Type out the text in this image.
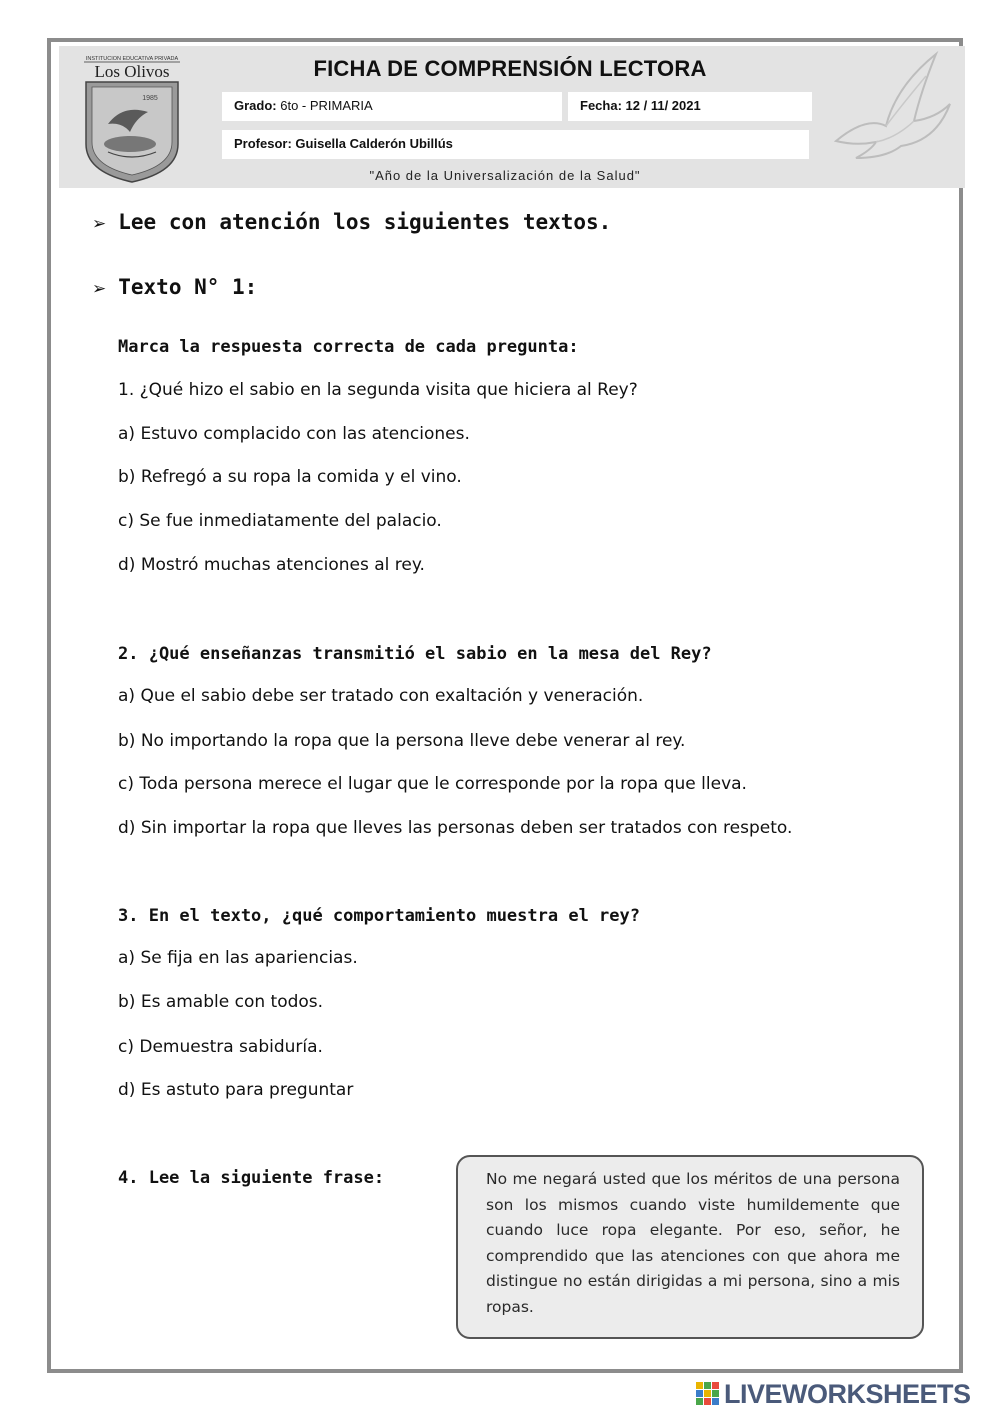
INSTITUCION EDUCATIVA PRIVADA
Los Olivos
1985
FICHA DE COMPRENSIÓN LECTORA
Grado: 6to - PRIMARIA	Fecha: 12 / 11/ 2021
Profesor: Guisella Calderón Ubillús
"Año de la Universalización de la Salud"
➢ Lee con atención los siguientes textos.
➢ Texto N° 1:
Marca la respuesta correcta de cada pregunta:
1. ¿Qué hizo el sabio en la segunda visita que hiciera al Rey?
a) Estuvo complacido con las atenciones.
b) Refregó a su ropa la comida y el vino.
c) Se fue inmediatamente del palacio.
d) Mostró muchas atenciones al rey.
2. ¿Qué enseñanzas transmitió el sabio en la mesa del Rey?
a) Que el sabio debe ser tratado con exaltación y veneración.
b) No importando la ropa que la persona lleve debe venerar al rey.
c) Toda persona merece el lugar que le corresponde por la ropa que lleva.
d) Sin importar la ropa que lleves las personas deben ser tratados con respeto.
3. En el texto, ¿qué comportamiento muestra el rey?
a) Se fija en las apariencias.
b) Es amable con todos.
c) Demuestra sabiduría.
d) Es astuto para preguntar
4. Lee la siguiente frase:	No me negará usted que los méritos de una persona son los mismos cuando viste humildemente que cuando luce ropa elegante. Por eso, señor, he comprendido que las atenciones con que ahora me distingue no están dirigidas a mi persona, sino a mis ropas.
LIVEWORKSHEETS
